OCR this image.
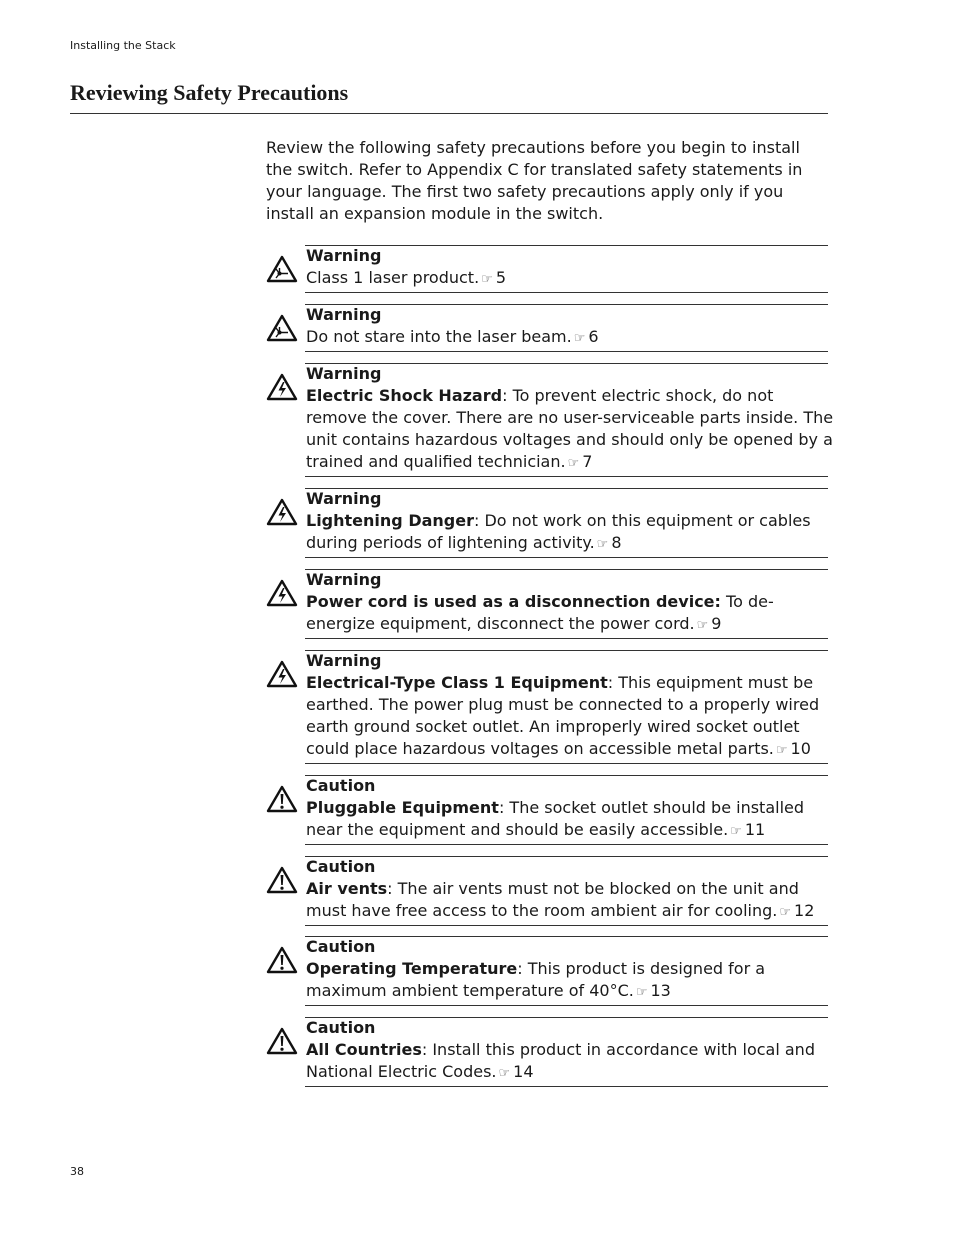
Installing the Stack
Reviewing Safety Precautions

Review the following safety precautions before you begin to install the switch. Refer to Appendix C for translated safety statements in your language. The first two safety precautions apply only if you install an expansion module in the switch.

Warning
Class 1 laser product. ☞ 5
Warning
Do not stare into the laser beam. ☞ 6
Warning
Electric Shock Hazard: To prevent electric shock, do not remove the cover. There are no user-serviceable parts inside. The unit contains hazardous voltages and should only be opened by a trained and qualified technician. ☞ 7
Warning
Lightening Danger: Do not work on this equipment or cables during periods of lightening activity. ☞ 8
Warning
Power cord is used as a disconnection device: To de-energize equipment, disconnect the power cord. ☞ 9
Warning
Electrical-Type Class 1 Equipment: This equipment must be earthed. The power plug must be connected to a properly wired earth ground socket outlet. An improperly wired socket outlet could place hazardous voltages on accessible metal parts. ☞ 10
Caution
Pluggable Equipment: The socket outlet should be installed near the equipment and should be easily accessible. ☞ 11
Caution
Air vents: The air vents must not be blocked on the unit and must have free access to the room ambient air for cooling. ☞ 12
Caution
Operating Temperature: This product is designed for a maximum ambient temperature of 40°C. ☞ 13
Caution
All Countries: Install this product in accordance with local and National Electric Codes. ☞ 14
38
